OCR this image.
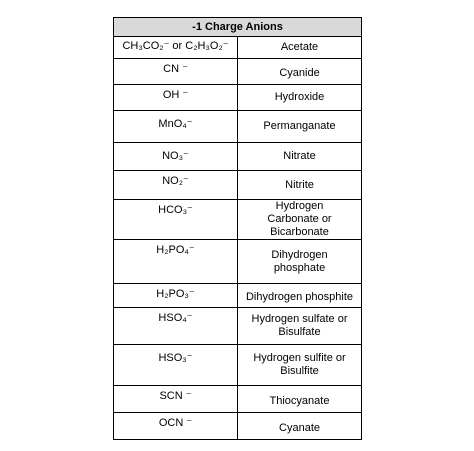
-1 Charge Anions	
CH₃CO₂⁻ or C₂H₃O₂⁻	Acetate
CN ⁻	Cyanide
OH ⁻	Hydroxide
MnO₄⁻	Permanganate
NO₃⁻	Nitrate
NO₂⁻	Nitrite
HCO₃⁻	Hydrogen Carbonate or Bicarbonate
H₂PO₄⁻	Dihydrogen phosphate
H₂PO₃⁻	Dihydrogen phosphite
HSO₄⁻	Hydrogen sulfate or Bisulfate
HSO₃⁻	Hydrogen sulfite or Bisulfite
SCN ⁻	Thiocyanate
OCN ⁻	Cyanate
